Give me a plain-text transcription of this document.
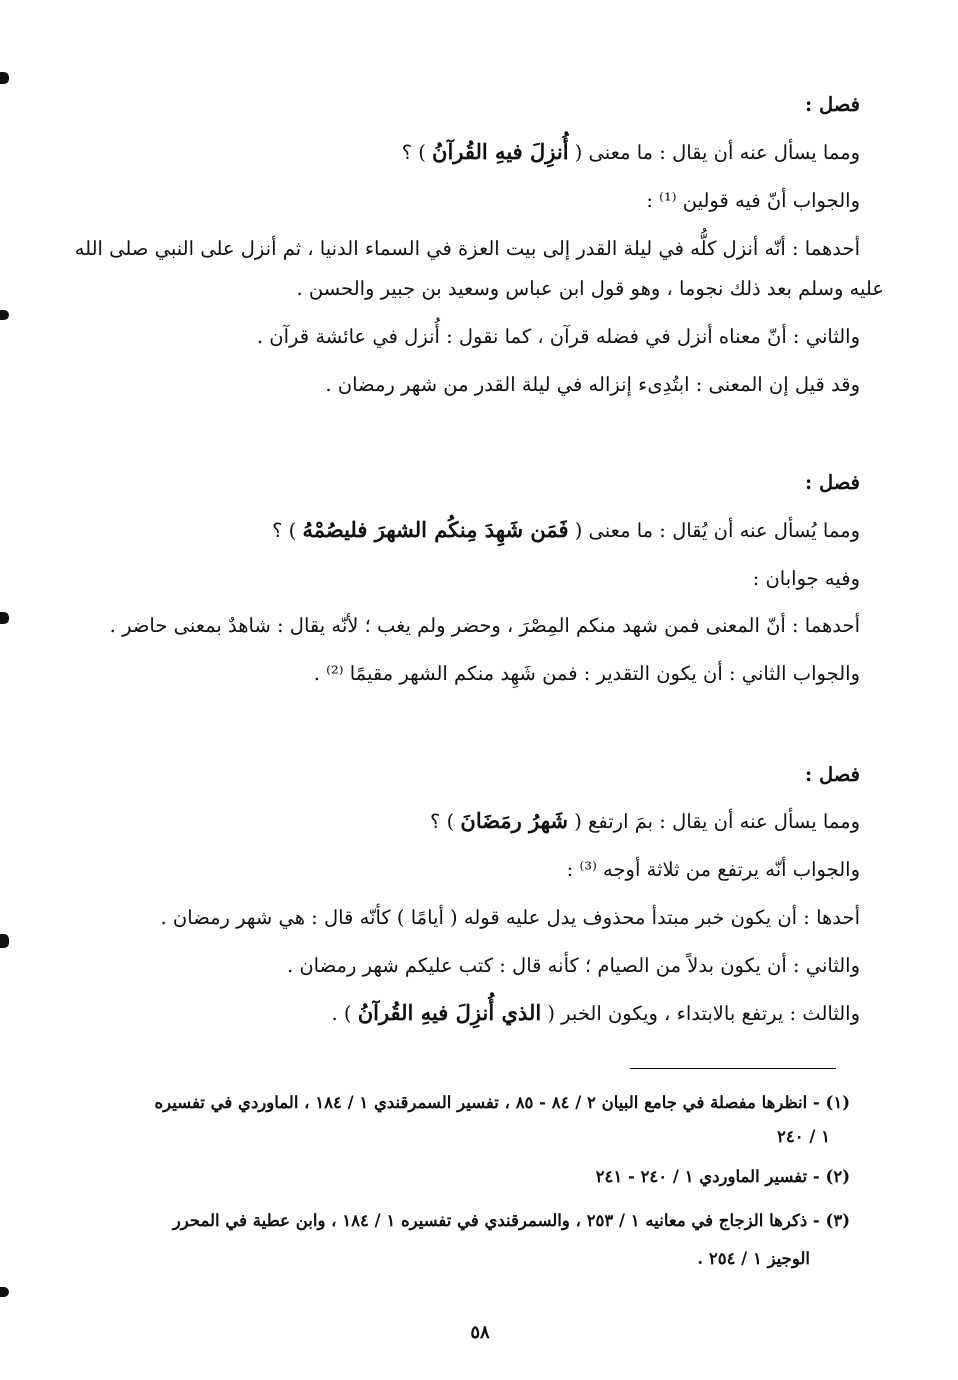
فصل :
ومما يسأل عنه أن يقال : ما معنى ( أُنزِلَ فيهِ القُرآنُ ) ؟
والجواب أنّ فيه قولين ⁽¹⁾ :
أحدهما : أنّه أنزل كلُّه في ليلة القدر إلى بيت العزة في السماء الدنيا ، ثم أنزل على النبي صلى الله
عليه وسلم بعد ذلك نجوما ، وهو قول ابن عباس وسعيد بن جبير والحسن .
والثاني : أنّ معناه أنزل في فضله قرآن ، كما نقول : أُنزل في عائشة قرآن .
وقد قيل إن المعنى : ابتُدِىء إنزاله في ليلة القدر من شهر رمضان .
فصل :
ومما يُسأل عنه أن يُقال : ما معنى ( فَمَن شَهِدَ مِنكُم الشهرَ فليصُمْهُ ) ؟
وفيه جوابان :
أحدهما : أنّ المعنى فمن شهد منكم المِصْرَ ، وحضر ولم يغب ؛ لأنّه يقال : شاهدٌ بمعنى حاضر .
والجواب الثاني : أن يكون التقدير : فمن شَهِد منكم الشهر مقيمًا ⁽²⁾ .
فصل :
ومما يسأل عنه أن يقال : بمَ ارتفع ( شَهرُ رمَضَانَ ) ؟
والجواب أنّه يرتفع من ثلاثة أوجه ⁽³⁾ :
أحدها : أن يكون خبر مبتدأ محذوف يدل عليه قوله ( أيامًا ) كأنّه قال : هي شهر رمضان .
والثاني : أن يكون بدلاً من الصيام ؛ كأنه قال : كتب عليكم شهر رمضان .
والثالث : يرتفع بالابتداء ، ويكون الخبر ( الذي أُنزِلَ فيهِ القُرآنُ ) .
(١) - انظرها مفصلة في جامع البيان ٢ / ٨٤ - ٨٥ ، تفسير السمرقندي ١ / ١٨٤ ، الماوردي في تفسيره
١ / ٢٤٠
(٢) - تفسير الماوردي ١ / ٢٤٠ - ٢٤١
(٣) - ذكرها الزجاج في معانيه ١ / ٢٥٣ ، والسمرقندي في تفسيره ١ / ١٨٤ ، وابن عطية في المحرر
الوجيز ١ / ٢٥٤ .
٥٨
